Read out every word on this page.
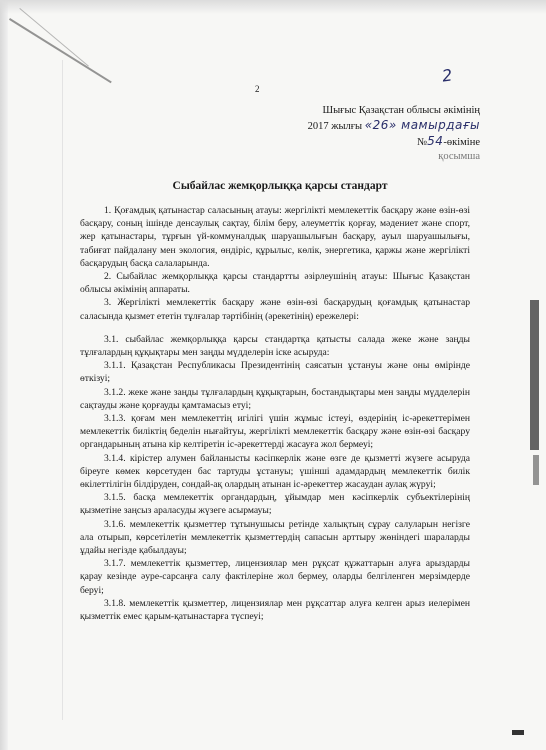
2
2
Шығыс Қазақстан облысы әкімінің
2017 жылғы «26» мамырдағы
№54-өкіміне
қосымша
Сыбайлас жемқорлыққа қарсы стандарт

1. Қоғамдық қатынастар саласының атауы: жергілікті мемлекеттік басқару және өзін-өзі басқару, соның ішінде денсаулық сақтау, білім беру, әлеуметтік қорғау, мәдениет және спорт, жер қатынастары, тұрғын үй-коммуналдық шаруашылығын басқару, ауыл шаруашылығы, табиғат пайдалану мен экология, өндіріс, құрылыс, көлік, энергетика, қаржы және жергілікті басқарудың басқа салаларында.

2. Сыбайлас жемқорлыққа қарсы стандартты әзірлеушінің атауы: Шығыс Қазақстан облысы әкімінің аппараты.

3. Жергілікті мемлекеттік басқару және өзін-өзі басқарудың қоғамдық қатынастар саласында қызмет ететін тұлғалар тәртібінің (әрекетінің) ережелері:

3.1. сыбайлас жемқорлыққа қарсы стандартқа қатысты салада жеке және заңды тұлғалардың құқықтары мен заңды мүдделерін іске асыруда:

3.1.1. Қазақстан Республикасы Президентінің саясатын ұстануы және оны өмірінде өткізуі;

3.1.2. жеке және заңды тұлғалардың құқықтарын, бостандықтары мен заңды мүдделерін сақтауды және қорғауды қамтамасыз етуі;

3.1.3. қоғам мен мемлекеттің игілігі үшін жұмыс істеуі, өздерінің іс-әрекеттерімен мемлекеттік биліктің беделін нығайтуы, жергілікті мемлекеттік басқару және өзін-өзі басқару органдарының атына кір келтіретін іс-әрекеттерді жасауға жол бермеуі;

3.1.4. кірістер алумен байланысты кәсіпкерлік және өзге де қызметті жүзеге асыруда біреуге көмек көрсетуден бас тартуды ұстануы; үшінші адамдардың мемлекеттік билік өкілеттілігін білдіруден, сондай-ақ олардың атынан іс-әрекеттер жасаудан аулақ жүруі;

3.1.5. басқа мемлекеттік органдардың, ұйымдар мен кәсіпкерлік субъектілерінің қызметіне заңсыз араласуды жүзеге асырмауы;

3.1.6. мемлекеттік қызметтер тұтынушысы ретінде халықтың сұрау салуларын негізге ала отырып, көрсетілетін мемлекеттік қызметтердің сапасын арттыру жөніндегі шараларды ұдайы негізде қабылдауы;

3.1.7. мемлекеттік қызметтер, лицензиялар мен рұқсат құжаттарын алуға арыздарды қарау кезінде әуре-сарсаңға салу фактілеріне жол бермеу, оларды белгіленген мерзімдерде беруі;

3.1.8. мемлекеттік қызметтер, лицензиялар мен рұқсаттар алуға келген арыз иелерімен қызметтік емес қарым-қатынастарға түспеуі;
